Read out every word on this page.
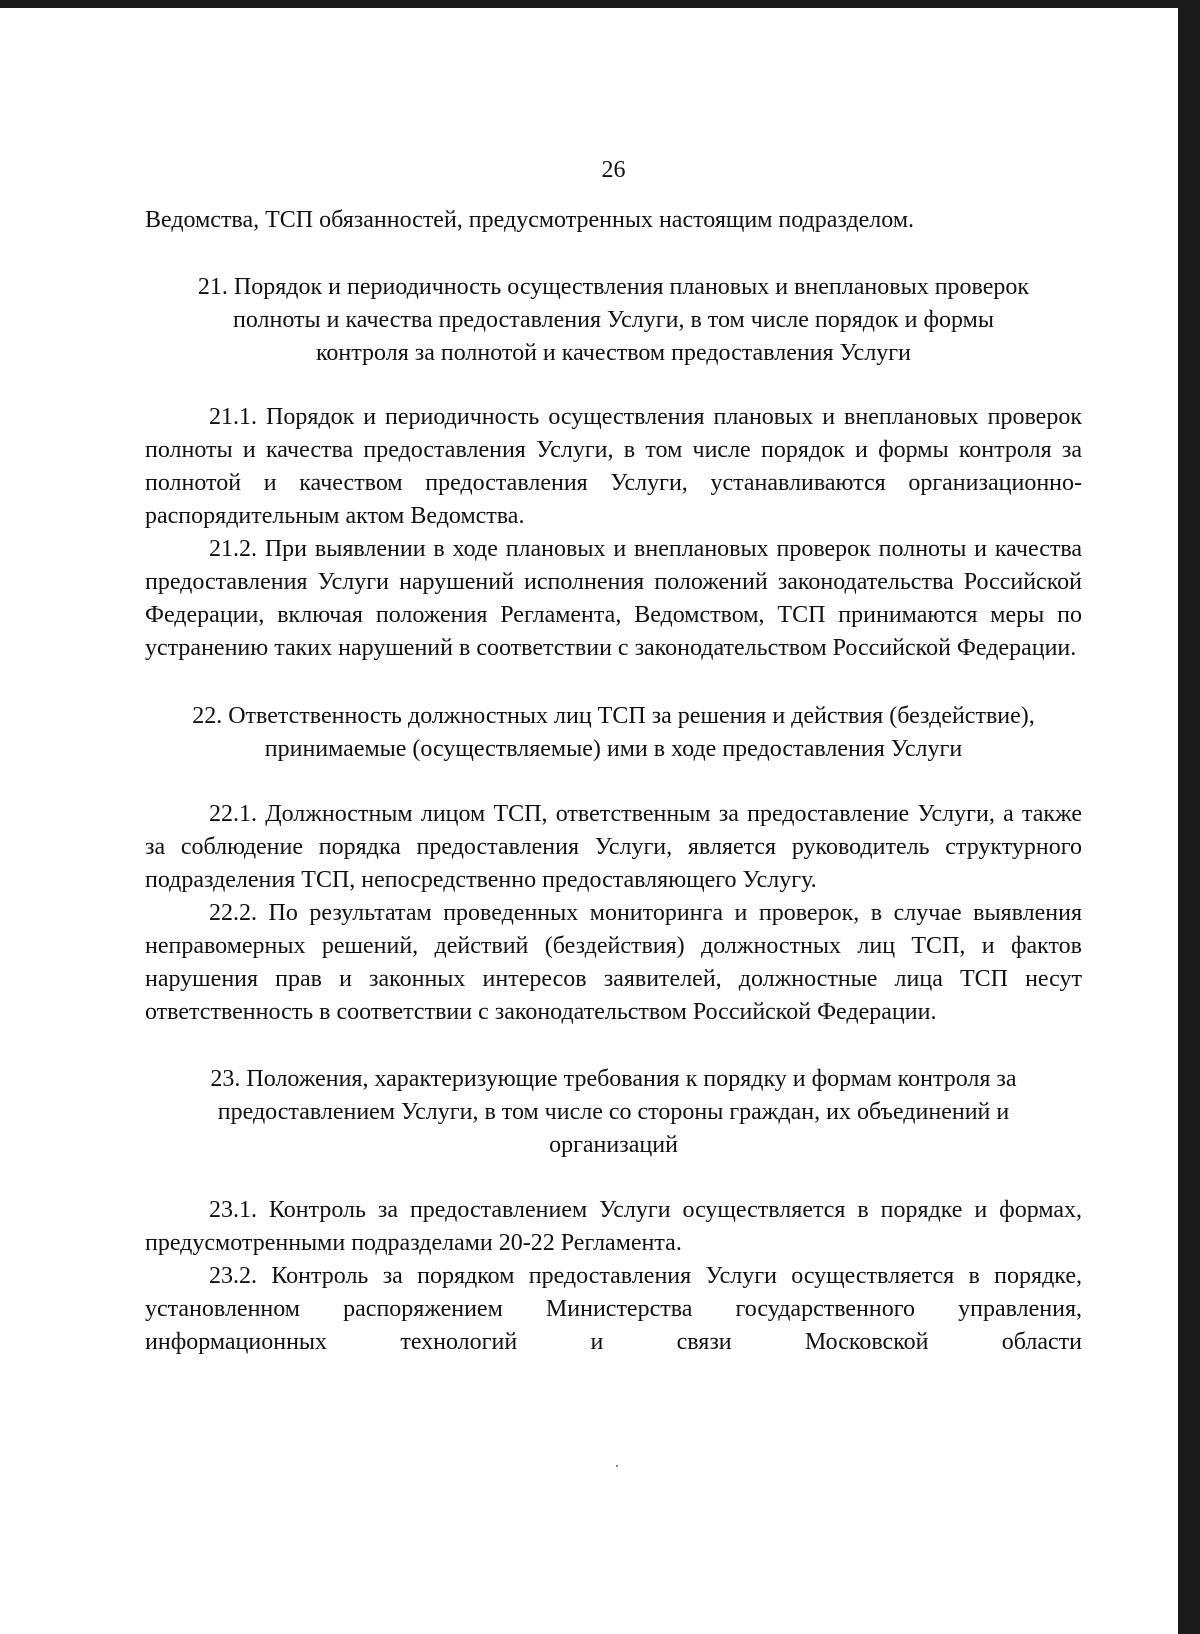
26

Ведомства, ТСП обязанностей, предусмотренных настоящим подразделом.

21. Порядок и периодичность осуществления плановых и внеплановых проверок полноты и качества предоставления Услуги, в том числе порядок и формы контроля за полнотой и качеством предоставления Услуги

21.1. Порядок и периодичность осуществления плановых и внеплановых проверок полноты и качества предоставления Услуги, в том числе порядок и формы контроля за полнотой и качеством предоставления Услуги, устанавливаются организационно-распорядительным актом Ведомства.

21.2. При выявлении в ходе плановых и внеплановых проверок полноты и качества предоставления Услуги нарушений исполнения положений законодательства Российской Федерации, включая положения Регламента, Ведомством, ТСП принимаются меры по устранению таких нарушений в соответствии с законодательством Российской Федерации.

22. Ответственность должностных лиц ТСП за решения и действия (бездействие), принимаемые (осуществляемые) ими в ходе предоставления Услуги

22.1. Должностным лицом ТСП, ответственным за предоставление Услуги, а также за соблюдение порядка предоставления Услуги, является руководитель структурного подразделения ТСП, непосредственно предоставляющего Услугу.

22.2. По результатам проведенных мониторинга и проверок, в случае выявления неправомерных решений, действий (бездействия) должностных лиц ТСП, и фактов нарушения прав и законных интересов заявителей, должностные лица ТСП несут ответственность в соответствии с законодательством Российской Федерации.

23. Положения, характеризующие требования к порядку и формам контроля за предоставлением Услуги, в том числе со стороны граждан, их объединений и организаций

23.1. Контроль за предоставлением Услуги осуществляется в порядке и формах, предусмотренными подразделами 20-22 Регламента.

23.2. Контроль за порядком предоставления Услуги осуществляется в порядке, установленном распоряжением Министерства государственного управления, информационных технологий и связи Московской области
